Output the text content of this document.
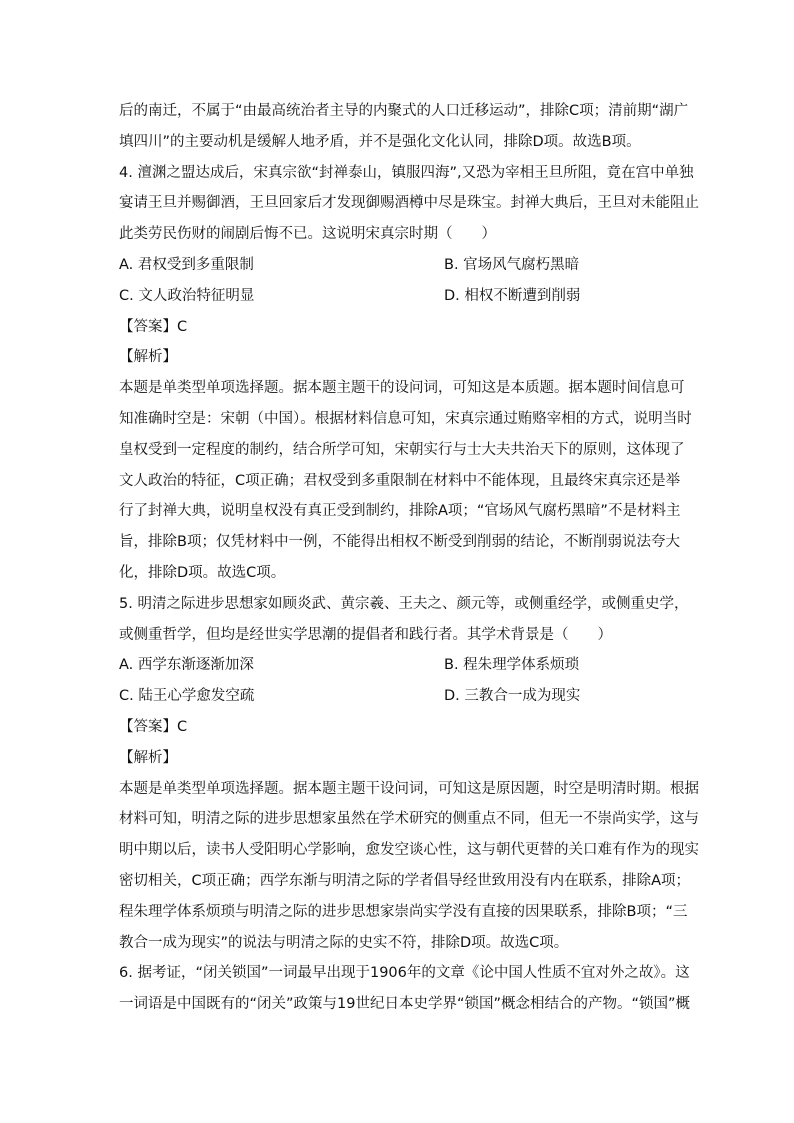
后的南迁，不属于“由最高统治者主导的内聚式的人口迁移运动”，排除C项；清前期“湖广
填四川”的主要动机是缓解人地矛盾，并不是强化文化认同，排除D项。故选B项。
4. 澶渊之盟达成后，宋真宗欲“封禅泰山，镇服四海”,又恐为宰相王旦所阻，竟在宫中单独
宴请王旦并赐御酒，王旦回家后才发现御赐酒樽中尽是珠宝。封禅大典后，王旦对未能阻止
此类劳民伤财的闹剧后悔不已。这说明宋真宗时期（　　）
A. 君权受到多重限制	B. 官场风气腐朽黑暗
C. 文人政治特征明显	D. 相权不断遭到削弱
【答案】C
【解析】
本题是单类型单项选择题。据本题主题干的设问词，可知这是本质题。据本题时间信息可
知准确时空是：宋朝（中国）。根据材料信息可知，宋真宗通过贿赂宰相的方式，说明当时
皇权受到一定程度的制约，结合所学可知，宋朝实行与士大夫共治天下的原则，这体现了
文人政治的特征，C项正确；君权受到多重限制在材料中不能体现，且最终宋真宗还是举
行了封禅大典，说明皇权没有真正受到制约，排除A项；“官场风气腐朽黑暗”不是材料主
旨，排除B项；仅凭材料中一例，不能得出相权不断受到削弱的结论，不断削弱说法夸大
化，排除D项。故选C项。
5. 明清之际进步思想家如顾炎武、黄宗羲、王夫之、颜元等，或侧重经学，或侧重史学，
或侧重哲学，但均是经世实学思潮的提倡者和践行者。其学术背景是（　　）
A. 西学东渐逐渐加深	B. 程朱理学体系烦琐
C. 陆王心学愈发空疏	D. 三教合一成为现实
【答案】C
【解析】
本题是单类型单项选择题。据本题主题干设问词，可知这是原因题，时空是明清时期。根据
材料可知，明清之际的进步思想家虽然在学术研究的侧重点不同，但无一不崇尚实学，这与
明中期以后，读书人受阳明心学影响，愈发空谈心性，这与朝代更替的关口难有作为的现实
密切相关，C项正确；西学东渐与明清之际的学者倡导经世致用没有内在联系，排除A项；
程朱理学体系烦琐与明清之际的进步思想家崇尚实学没有直接的因果联系，排除B项；“三
教合一成为现实”的说法与明清之际的史实不符，排除D项。故选C项。
6. 据考证，“闭关锁国”一词最早出现于1906年的文章《论中国人性质不宜对外之故》。这
一词语是中国既有的“闭关”政策与19世纪日本史学界“锁国”概念相结合的产物。“锁国”概
